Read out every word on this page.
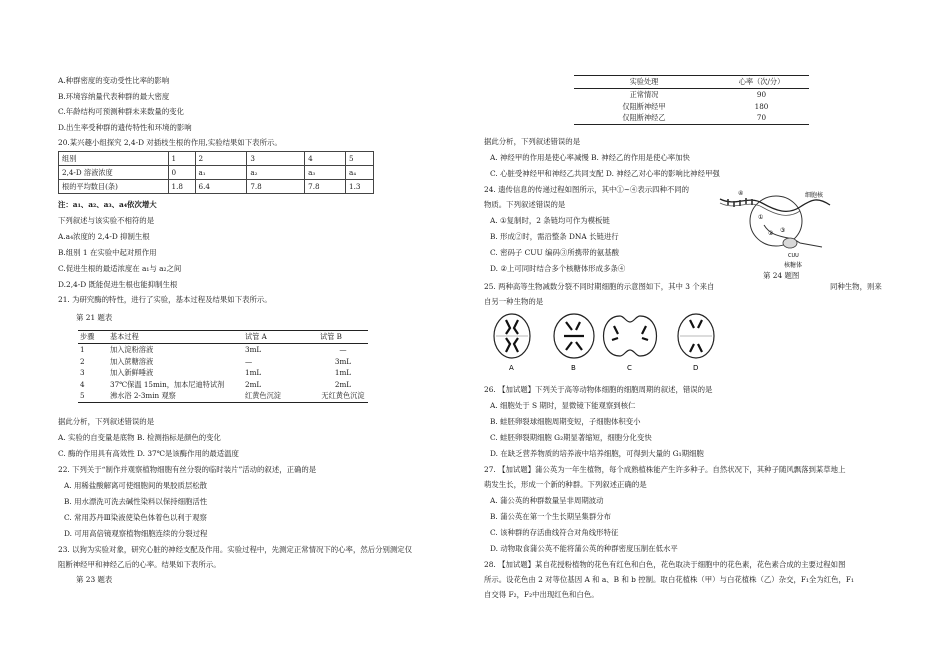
A.种群密度的变动受性比率的影响
B.环境容纳量代表种群的最大密度
C.年龄结构可预测种群未来数量的变化
D.出生率受种群的遗传特性和环境的影响
20.某兴趣小组探究 2,4-D 对插枝生根的作用,实验结果如下表所示。
组别	1	2	3	4	5
2,4-D 溶液浓度	0	a₁	a₂	a₃	a₄
根的平均数目(条)	1.8	6.4	7.8	7.8	1.3
注：a₁、a₂、a₃、a₄依次增大
下列叙述与该实验不相符的是
A.a₄浓度的 2,4-D 抑制生根
B.组别 1 在实验中起对照作用
C.促进生根的最适浓度在 a₁与 a₂之间
D.2,4-D 既能促进生根也能抑制生根
21. 为研究酶的特性，进行了实验，基本过程及结果如下表所示。
第 21 题表
步骤	基本过程	试管 A	试管 B
1	加入淀粉溶液	3mL	—
2	加入蔗糖溶液	—	3mL
3	加入新鲜唾液	1mL	1mL
4	37℃保温 15min，加本尼迪特试剂	2mL	2mL
5	沸水浴 2-3min 观察	红黄色沉淀	无红黄色沉淀
据此分析，下列叙述错误的是
A. 实验的自变量是底物 B. 检测指标是颜色的变化
C. 酶的作用具有高效性 D. 37℃是该酶作用的最适温度
22. 下列关于“制作并观察植物细胞有丝分裂的临时装片”活动的叙述，正确的是
A. 用稀盐酸解离可使细胞间的果胶质层松散
B. 用水漂洗可洗去碱性染料以保持细胞活性
C. 常用苏丹Ⅲ染液使染色体着色以利于观察
D. 可用高倍镜观察植物细胞连续的分裂过程
23. 以狗为实验对象，研究心脏的神经支配及作用。实验过程中，先测定正常情况下的心率，然后分别测定仅
阻断神经甲和神经乙后的心率。结果如下表所示。
第 23 题表
实验处理	心率（次/分）
正常情况	90
仅阻断神经甲	180
仅阻断神经乙	70
据此分析，下列叙述错误的是
A. 神经甲的作用是使心率减慢 B. 神经乙的作用是使心率加快
C. 心脏受神经甲和神经乙共同支配 D. 神经乙对心率的影响比神经甲强
24. 遗传信息的传递过程如图所示，其中①~④表示四种不同的
物质。下列叙述错误的是
A. ①复制时，2 条链均可作为模板链
B. 形成②时，需沿整条 DNA 长链进行
C. 密码子 CUU 编码③所携带的氨基酸
D. ②上可同时结合多个核糖体形成多条④
细胞核
④
①
② ③
CUU
核糖体
25. 两种高等生物减数分裂不同时期细胞的示意图如下，其中 3 个来自
第 24 题图
同种生物，则来
自另一种生物的是
A	B	C	D
26. 【加试题】下列关于高等动物体细胞的细胞周期的叙述，错误的是
A. 细胞处于 S 期时，显微镜下能观察到核仁
B. 蛙胚卵裂球细胞周期变短，子细胞体积变小
C. 蛙胚卵裂期细胞 G₂期显著缩短，细胞分化变快
D. 在缺乏营养物质的培养液中培养细胞，可得到大量的 G₁期细胞
27. 【加试题】蒲公英为一年生植物，每个成熟植株能产生许多种子。自然状况下，其种子随风飘落到某草地上
萌发生长，形成一个新的种群。下列叙述正确的是
A. 蒲公英的种群数量呈非周期波动
B. 蒲公英在第一个生长期呈集群分布
C. 该种群的存活曲线符合对角线形特征
D. 动物取食蒲公英不能将蒲公英的种群密度压制在低水平
28. 【加试题】某自花授粉植物的花色有红色和白色，花色取决于细胞中的花色素，花色素合成的主要过程如图
所示。设花色由 2 对等位基因 A 和 a、B 和 b 控制。取白花植株（甲）与白花植株（乙）杂交，F₁全为红色，F₁
自交得 F₂，F₂中出现红色和白色。
